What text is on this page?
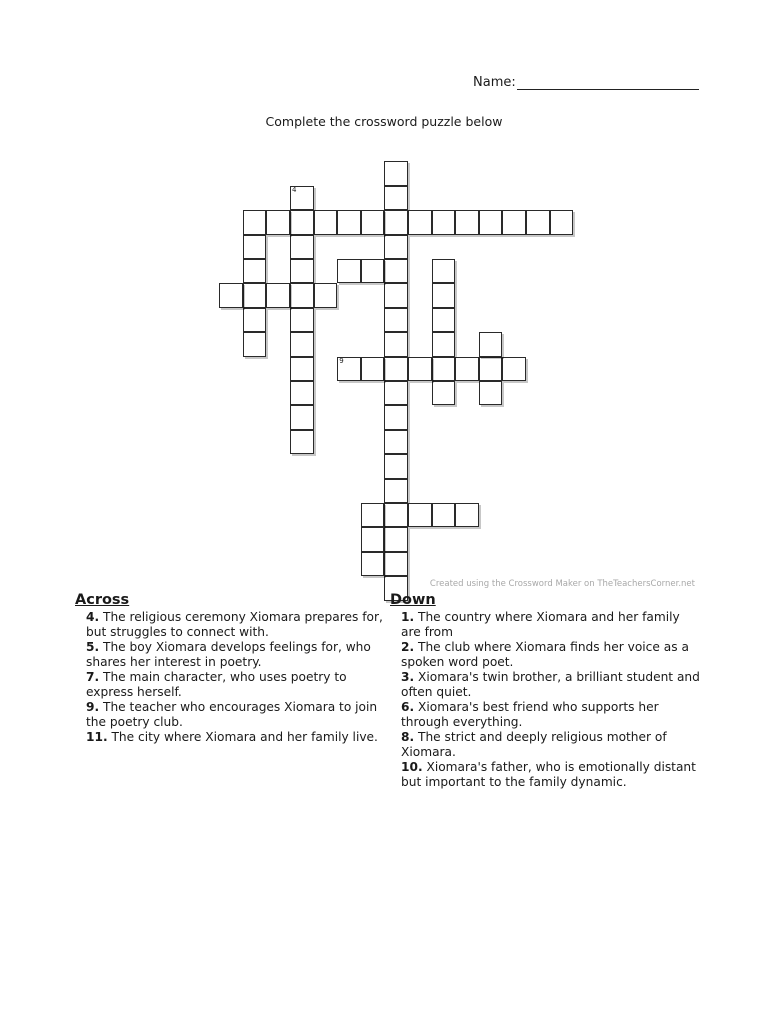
Name:
Complete the crossword puzzle below
4
9
Created using the Crossword Maker on TheTeachersCorner.net
Across
4. The religious ceremony Xiomara prepares for, but struggles to connect with.
5. The boy Xiomara develops feelings for, who shares her interest in poetry.
7. The main character, who uses poetry to express herself.
9. The teacher who encourages Xiomara to join the poetry club.
11. The city where Xiomara and her family live.
Down
1. The country where Xiomara and her family are from
2. The club where Xiomara finds her voice as a spoken word poet.
3. Xiomara's twin brother, a brilliant student and often quiet.
6. Xiomara's best friend who supports her through everything.
8. The strict and deeply religious mother of Xiomara.
10. Xiomara's father, who is emotionally distant but important to the family dynamic.
